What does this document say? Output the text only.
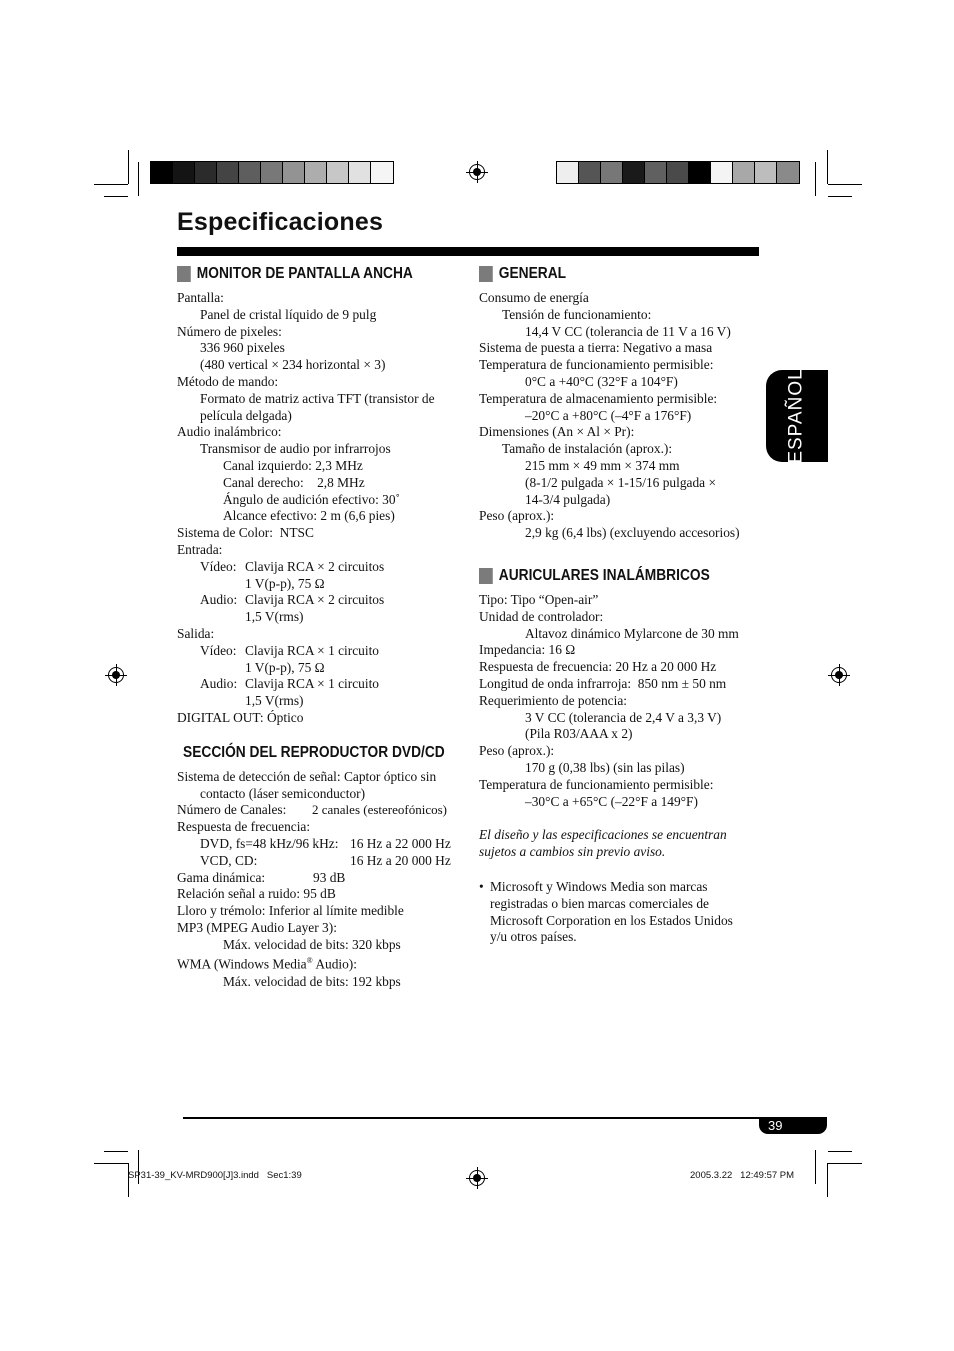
Especificaciones
ESPAÑOL
MONITOR DE PANTALLA ANCHA
Pantalla:
Panel de cristal líquido de 9 pulg
Número de pixeles:
336 960 pixeles
(480 vertical × 234 horizontal × 3)
Método de mando:
Formato de matriz activa TFT (transistor de
película delgada)
Audio inalámbrico:
Transmisor de audio por infrarrojos
Canal izquierdo: 2,3 MHz
Canal derecho:    2,8 MHz
Ángulo de audición efectivo: 30˚
Alcance efectivo: 2 m (6,6 pies)
Sistema de Color:  NTSC
Entrada:
Vídeo: Clavija RCA × 2 circuitos
1 V(p-p), 75 Ω
Audio: Clavija RCA × 2 circuitos
1,5 V(rms)
Salida:
Vídeo: Clavija RCA × 1 circuito
1 V(p-p), 75 Ω
Audio: Clavija RCA × 1 circuito
1,5 V(rms)
DIGITAL OUT: Óptico
SECCIÓN DEL REPRODUCTOR DVD/CD
Sistema de detección de señal: Captor óptico sin
contacto (láser semiconductor)
Número de Canales:	2 canales (estereofónicos)
Respuesta de frecuencia:
DVD, fs=48 kHz/96 kHz: 16 Hz a 22 000 Hz
VCD, CD:	16 Hz a 20 000 Hz
Gama dinámica:	93 dB
Relación señal a ruido: 95 dB
Lloro y trémolo: Inferior al límite medible
MP3 (MPEG Audio Layer 3):
Máx. velocidad de bits: 320 kbps
WMA (Windows Media® Audio):
Máx. velocidad de bits: 192 kbps
GENERAL
Consumo de energía
Tensión de funcionamiento:
14,4 V CC (tolerancia de 11 V a 16 V)
Sistema de puesta a tierra: Negativo a masa
Temperatura de funcionamiento permisible:
0°C a +40°C (32°F a 104°F)
Temperatura de almacenamiento permisible:
–20°C a +80°C (–4°F a 176°F)
Dimensiones (An × Al × Pr):
Tamaño de instalación (aprox.):
215 mm × 49 mm × 374 mm
(8-1/2 pulgada × 1-15/16 pulgada ×
14-3/4 pulgada)
Peso (aprox.):
2,9 kg (6,4 lbs) (excluyendo accesorios)
AURICULARES INALÁMBRICOS
Tipo: Tipo “Open-air”
Unidad de controlador:
Altavoz dinámico Mylarcone de 30 mm
Impedancia: 16 Ω
Respuesta de frecuencia: 20 Hz a 20 000 Hz
Longitud de onda infrarroja:  850 nm ± 50 nm
Requerimiento de potencia:
3 V CC (tolerancia de 2,4 V a 3,3 V)
(Pila R03/AAA x 2)
Peso (aprox.):
170 g (0,38 lbs) (sin las pilas)
Temperatura de funcionamiento permisible:
–30°C a +65°C (–22°F a 149°F)
El diseño y las especificaciones se encuentran
sujetos a cambios sin previo aviso.
• Microsoft y Windows Media son marcas
registradas o bien marcas comerciales de
Microsoft Corporation en los Estados Unidos
y/u otros países.
39
SP31-39_KV-MRD900[J]3.indd   Sec1:39	2005.3.22   12:49:57 PM
